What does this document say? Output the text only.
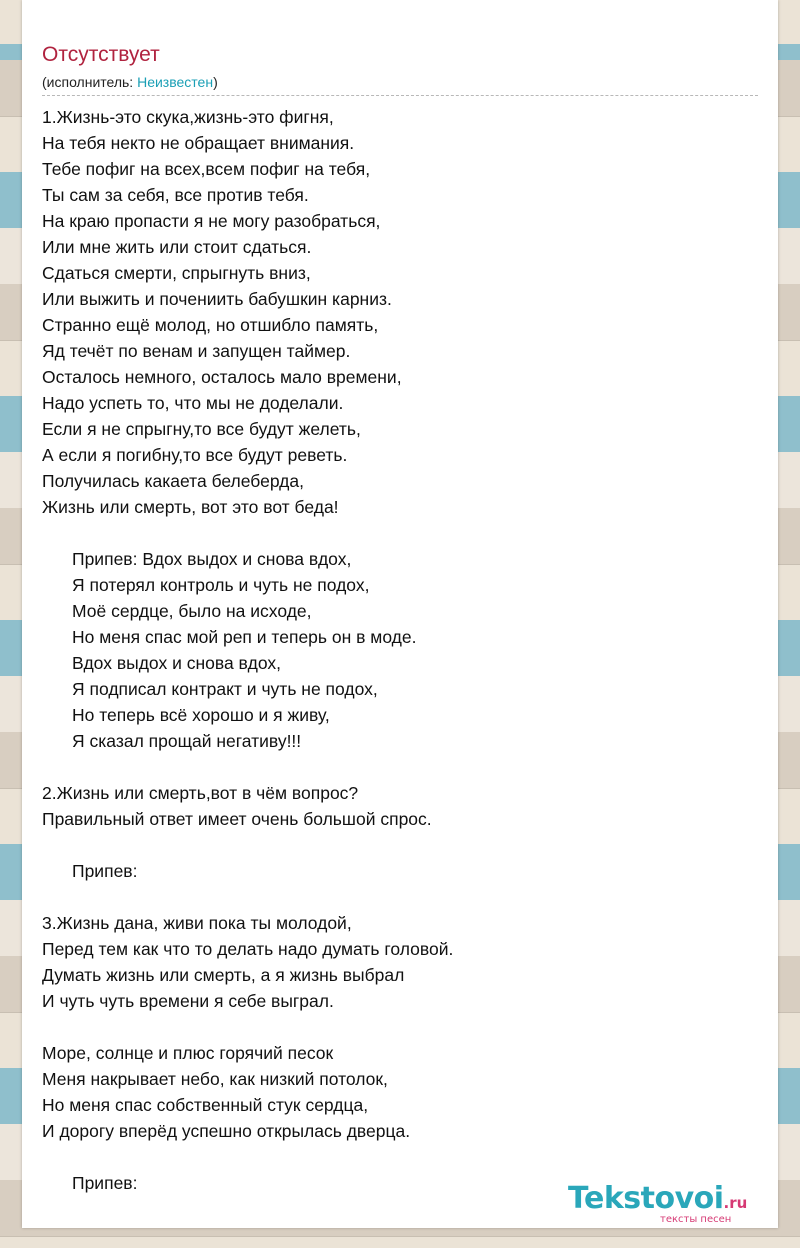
Отсутствует
(исполнитель: Неизвестен)
1.Жизнь-это скука,жизнь-это фигня,
На тебя некто не обращает внимания.
Тебе пофиг на всех,всем пофиг на тебя,
Ты сам за себя, все против тебя.
На краю пропасти я не могу разобраться,
Или мне жить или стоит сдаться.
Сдаться смерти, спрыгнуть вниз,
Или выжить и почениить бабушкин карниз.
Странно ещё молод, но отшибло память,
Яд течёт по венам и запущен таймер.
Осталось немного, осталось мало времени,
Надо успеть то, что мы не доделали.
Если я не спрыгну,то все будут желеть,
А если я погибну,то все будут реветь.
Получилась какаета белеберда,
Жизнь или смерть, вот это вот беда!
Припев: Вдох выдох и снова вдох,
Я потерял контроль и чуть не подох,
Моё сердце, было на исходе,
Но меня спас мой реп и теперь он в моде.
Вдох выдох и снова вдох,
Я подписал контракт и чуть не подох,
Но теперь всё хорошо и я живу,
Я сказал прощай негативу!!!
2.Жизнь или смерть,вот в чём вопрос?
Правильный ответ имеет очень большой спрос.
Припев:
3.Жизнь дана, живи пока ты молодой,
Перед тем как что то делать надо думать головой.
Думать жизнь или смерть, а я жизнь выбрал
И чуть чуть времени я себе выграл.
Море, солнце и плюс горячий песок
Меня накрывает небо, как низкий потолок,
Но меня спас собственный стук сердца,
И дорогу вперёд успешно открылась дверца.
Припев:	Tekstovoi.ru
тексты песен
